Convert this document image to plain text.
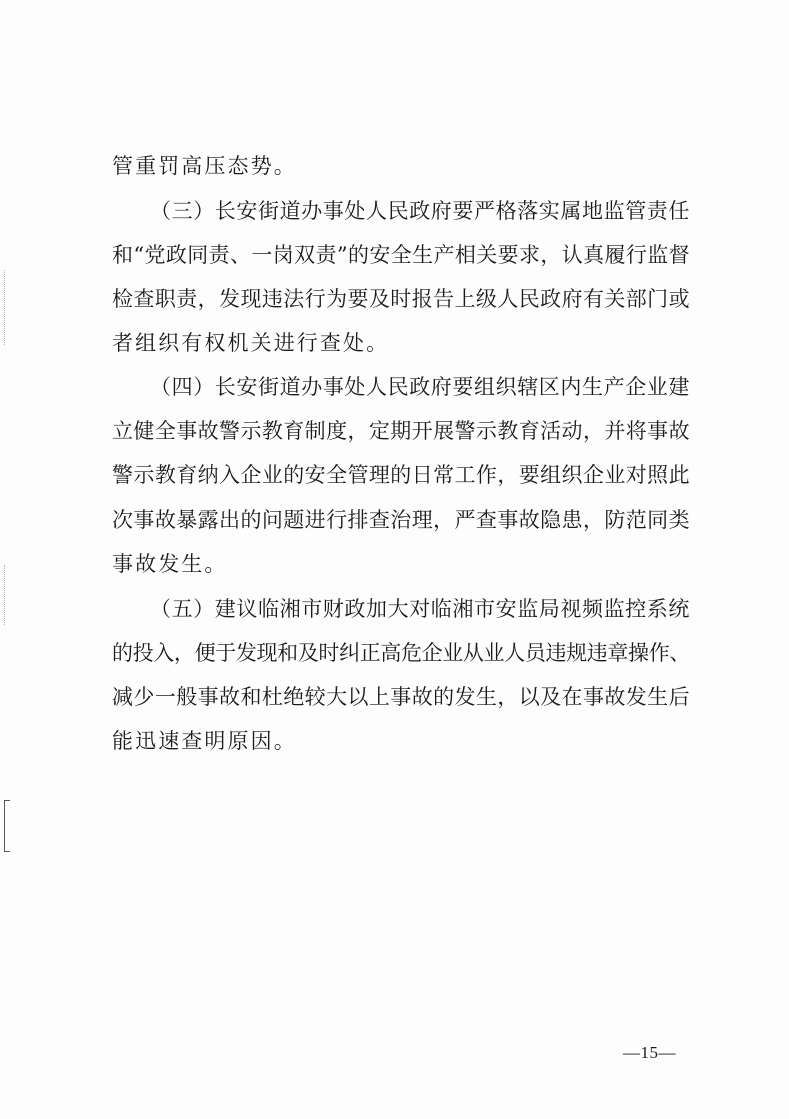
管重罚高压态势。
（三）长安街道办事处人民政府要严格落实属地监管责任
和“党政同责、一岗双责”的安全生产相关要求，认真履行监督
检查职责，发现违法行为要及时报告上级人民政府有关部门或
者组织有权机关进行查处。
（四）长安街道办事处人民政府要组织辖区内生产企业建
立健全事故警示教育制度，定期开展警示教育活动，并将事故
警示教育纳入企业的安全管理的日常工作，要组织企业对照此
次事故暴露出的问题进行排查治理，严查事故隐患，防范同类
事故发生。
（五）建议临湘市财政加大对临湘市安监局视频监控系统
的投入，便于发现和及时纠正高危企业从业人员违规违章操作、
减少一般事故和杜绝较大以上事故的发生，以及在事故发生后
能迅速查明原因。
—15—
